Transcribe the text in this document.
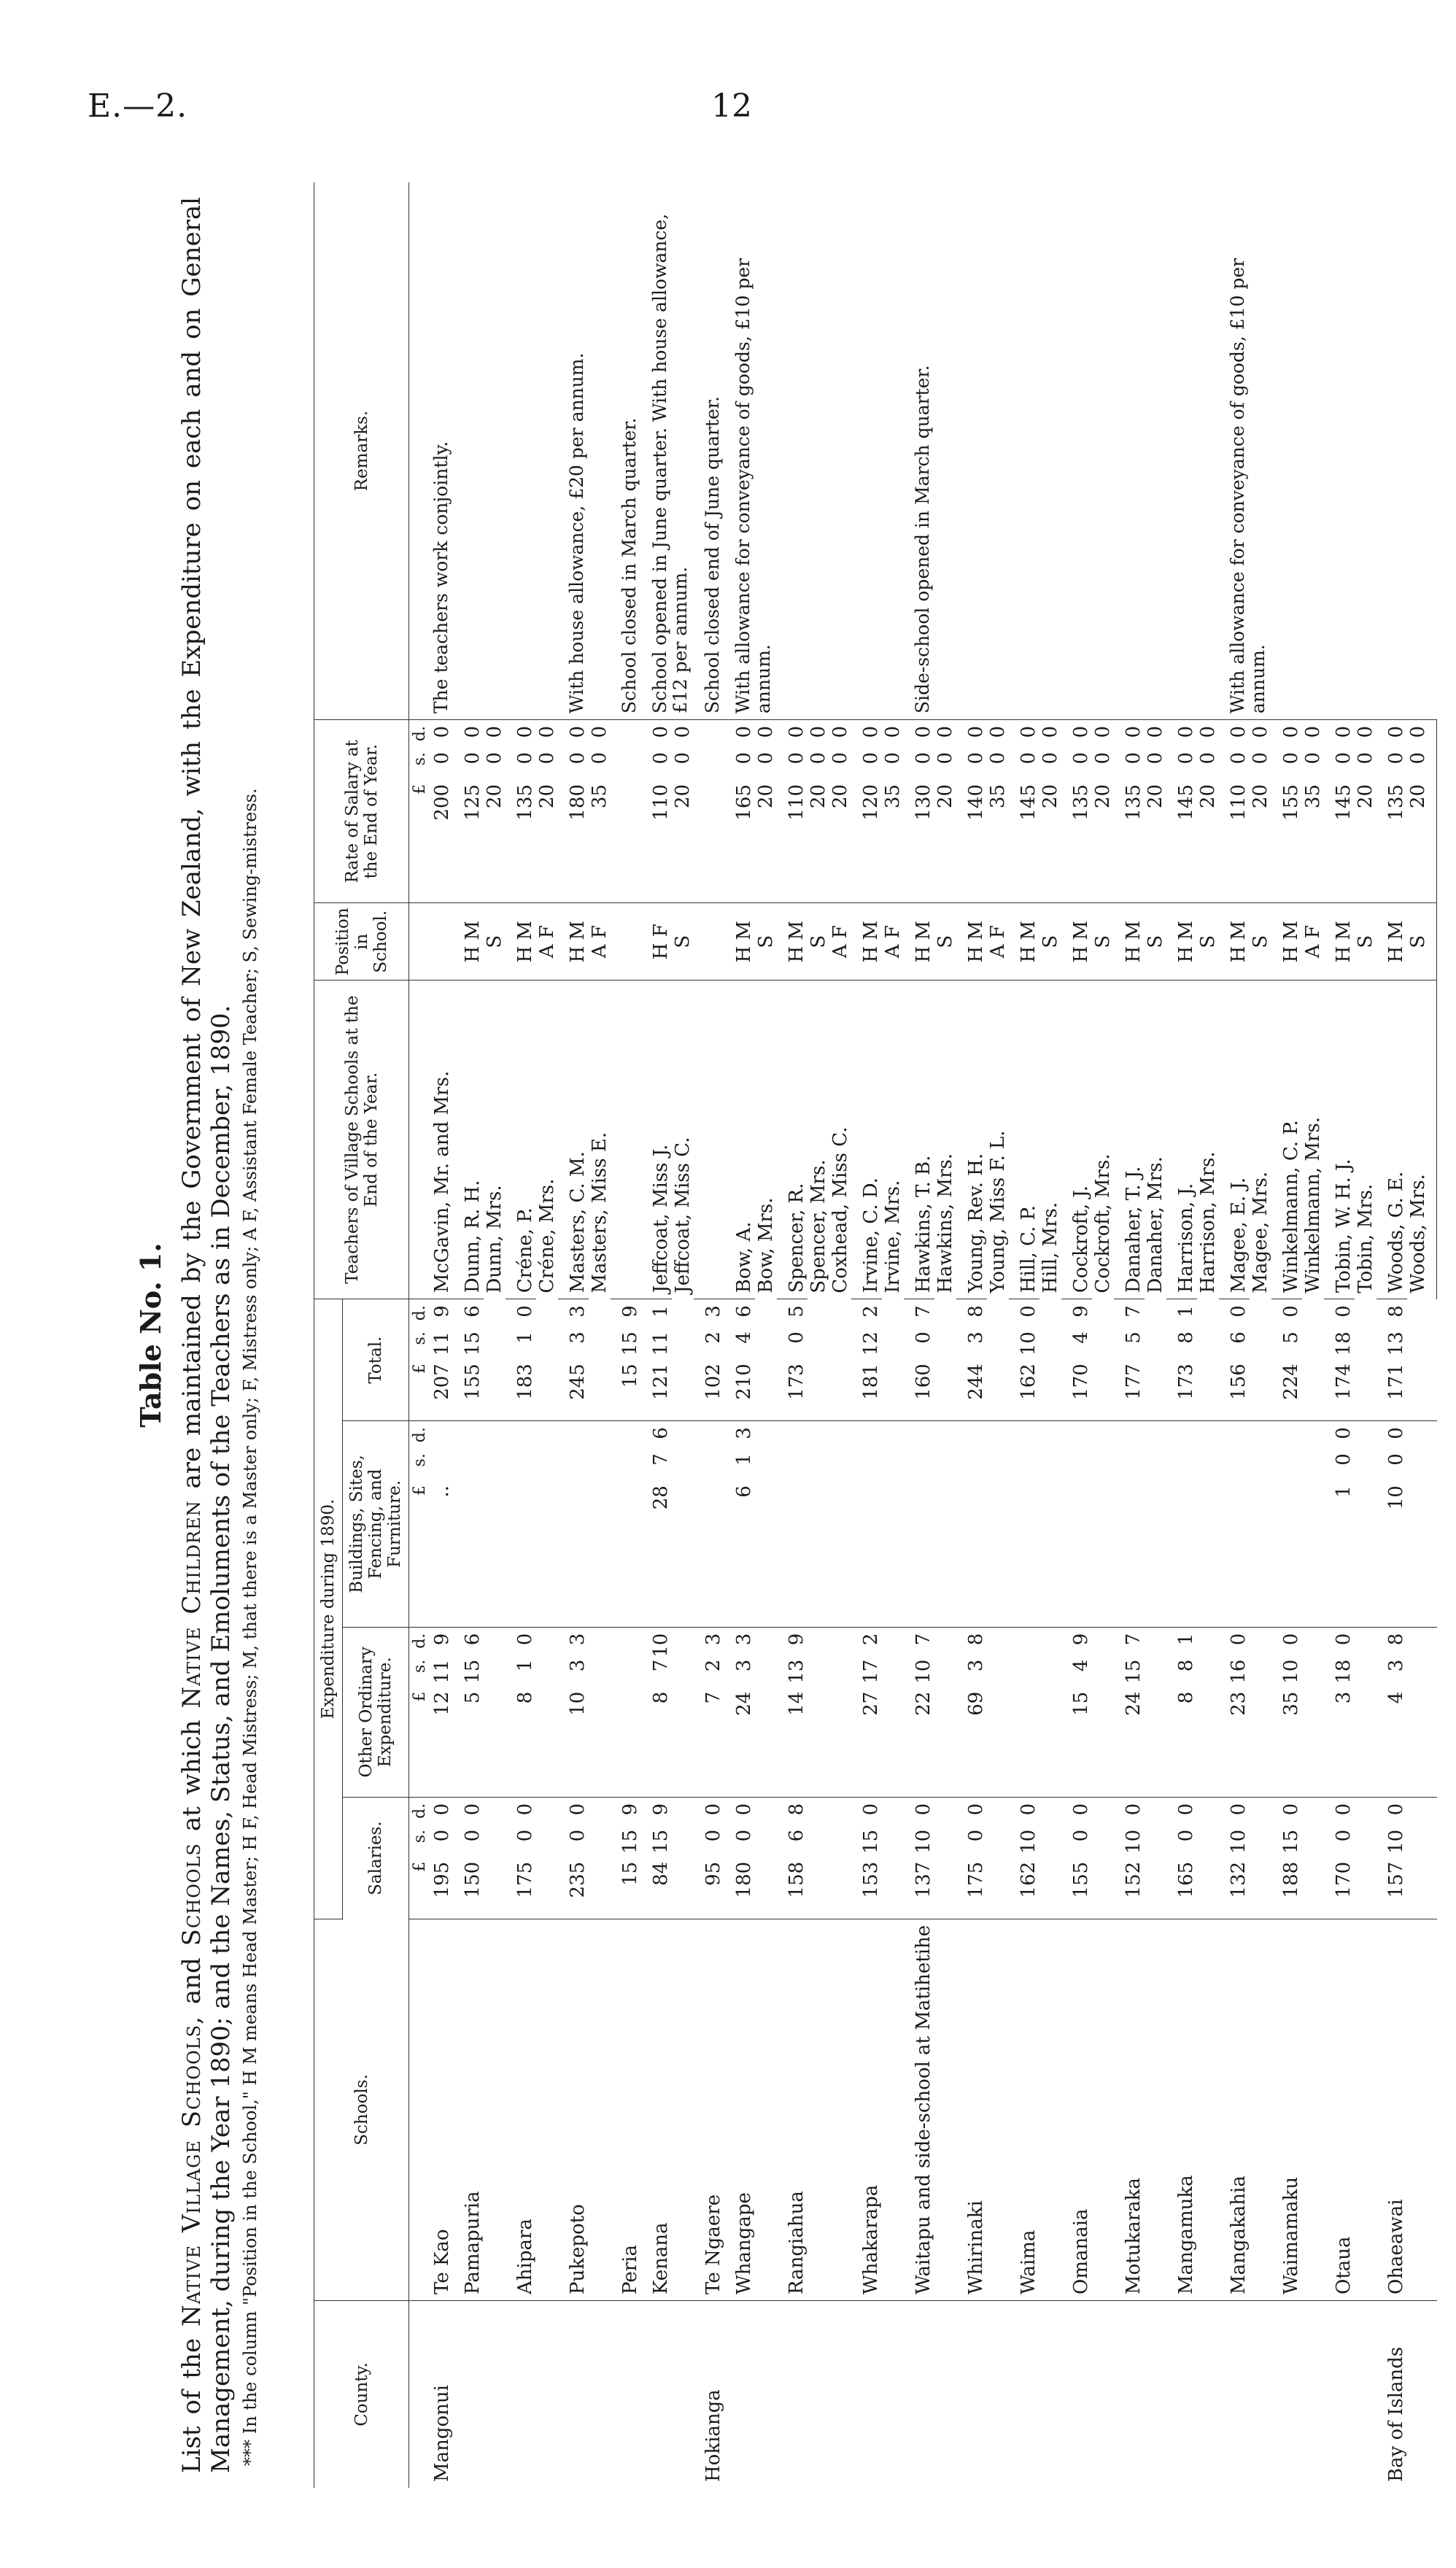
E.—2.	12
Table No. 1.
List of the Native Village Schools, and Schools at which Native Children are maintained by the Government of New Zealand, with the Expenditure on each and on General Management, during the Year 1890; and the Names, Status, and Emoluments of the Teachers as in December, 1890. *** In the column "Position in the School," H M means Head Master; H F, Head Mistress; M, that there is a Master only; F, Mistress only; A F, Assistant Female Teacher; S, Sewing-mistress.	County.	Schools.	Expenditure during 1890.				Teachers of Village Schools at the End of the Year.	Position in School.	Rate of Salary at the End of Year.	Remarks.
		Salaries.	Other Ordinary Expenditure.	Buildings, Sites, Fencing, and Furniture.	Total.				
		£s.d.	£s.d.	£s.d.	£s.d.			£s.d.	
Mangonui	Te Kao	19500	12119	..	207119	McGavin, Mr. and Mrs.		20000	The teachers work conjointly.

	Pamapuria	15000	5156		155156	Dunn, R. H.	H M	12500	
						Dunn, Mrs.	S	2000	

	Ahipara	17500	810		18310	Créne, P.	H M	13500	
						Créne, Mrs.	A F	2000	

	Pukepoto	23500	1033		24533	Masters, C. M.	H M	18000	With house allowance, £20 per annum.
						Masters, Miss E.	A F	3500	

	Peria	15159			15159				School closed in March quarter.

	Kenana	84159	8710	2876	121111	Jeffcoat, Miss J.	H F	11000	School opened in June quarter. With house allowance, £12 per annum.
						Jeffcoat, Miss C.	S	2000	

Hokianga	Te Ngaere	9500	723		10223				School closed end of June quarter.

	Whangape	18000	2433	613	21046	Bow, A.	H M	16500	With allowance for conveyance of goods, £10 per annum.
						Bow, Mrs.	S	2000	

	Rangiahua	15868	14139		17305	Spencer, R.	H M	11000	
						Spencer, Mrs.	S	2000	
						Coxhead, Miss C.	A F	2000	

	Whakarapa	153150	27172		181122	Irvine, C. D.	H M	12000	
						Irvine, Mrs.	A F	3500	

	Waitapu and side-school at Matihetihe	137100	22107		16007	Hawkins, T. B.	H M	13000	Side-school opened in March quarter.
						Hawkins, Mrs.	S	2000	

	Whirinaki	17500	6938		24438	Young, Rev. H.	H M	14000	
						Young, Miss F. L.	A F	3500	

	Waima	162100			162100	Hill, C. P.	H M	14500	
						Hill, Mrs.	S	2000	

	Omanaia	15500	1549		17049	Cockroft, J.	H M	13500	
						Cockroft, Mrs.	S	2000	

	Motukaraka	152100	24157		17757	Danaher, T. J.	H M	13500	
						Danaher, Mrs.	S	2000	

	Mangamuka	16500	881		17381	Harrison, J.	H M	14500	
						Harrison, Mrs.	S	2000	

	Mangakahia	132100	23160		15660	Magee, E. J.	H M	11000	With allowance for conveyance of goods, £10 per annum.
						Magee, Mrs.	S	2000	

	Waimamaku	188150	35100		22450	Winkelmann, C. P.	H M	15500	
						Winkelmann, Mrs.	A F	3500	

	Otaua	17000	3180	100	174180	Tobin, W. H. J.	H M	14500	
						Tobin, Mrs.	S	2000	

Bay of Islands	Ohaeawai	157100	438	1000	171138	Woods, G. E.	H M	13500	
						Woods, Mrs.	S	2000	
